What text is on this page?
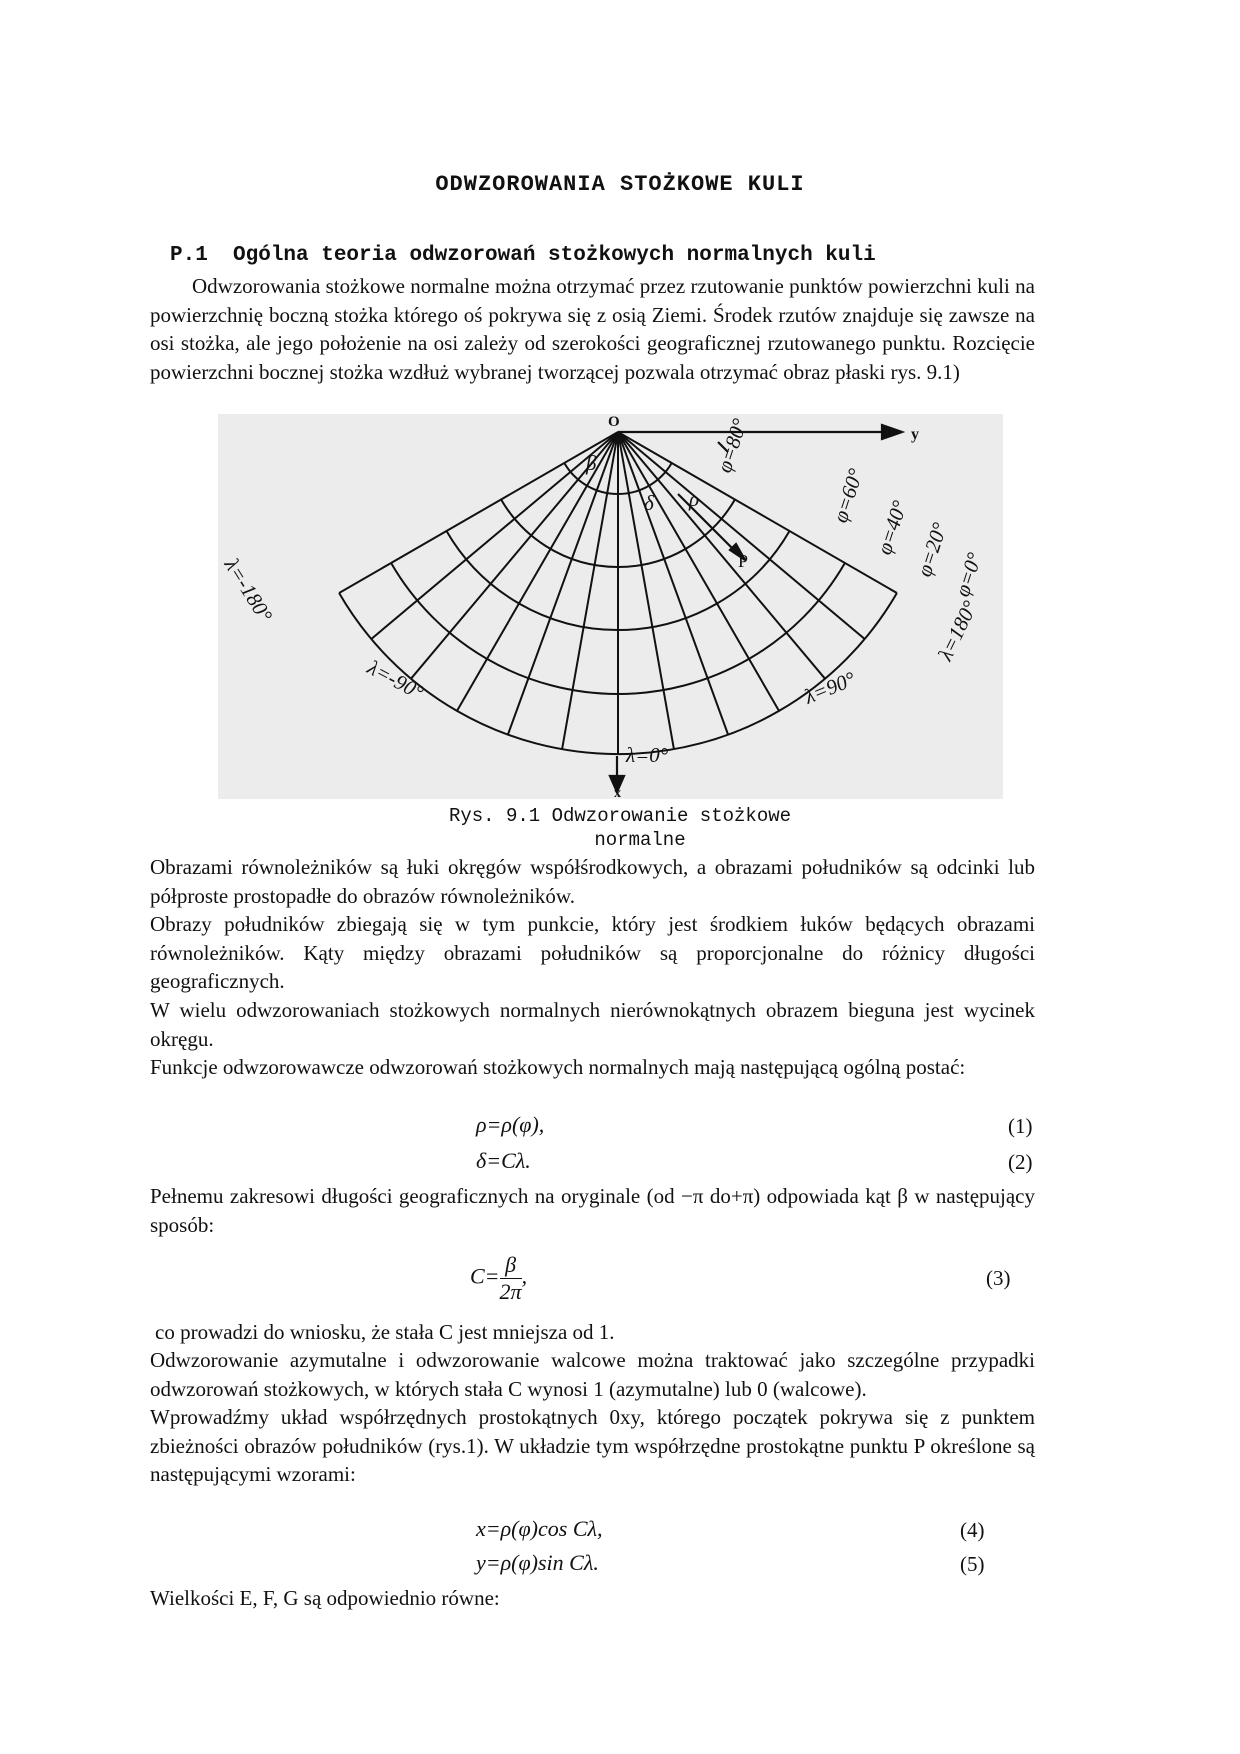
ODWZOROWANIA STOŻKOWE KULI
P.1  Ogólna teoria odwzorowań stożkowych normalnych kuli

Odwzorowania stożkowe normalne można otrzymać przez rzutowanie punktów powierzchni kuli na powierzchnię boczną stożka którego oś pokrywa się z osią Ziemi. Środek rzutów znajduje się zawsze na osi stożka, ale jego położenie na osi zależy od szerokości geograficznej rzutowanego punktu. Rozcięcie powierzchni bocznej stożka wzdłuż wybranej tworzącej pozwala otrzymać obraz płaski rys. 9.1)

O
y
x
β
δ ρ
P
φ=80°
φ=60°
φ=40° φ=20°
φ=0°
λ=-180°
λ=180°
λ=-90°	λ=90°
λ=0°
Rys. 9.1 Odwzorowanie stożkowe
normalne

Obrazami równoleżników są łuki okręgów współśrodkowych, a obrazami południków są odcinki lub półproste prostopadłe do obrazów równoleżników.

Obrazy południków zbiegają się w tym punkcie, który jest środkiem łuków będących obrazami równoleżników. Kąty między obrazami południków są proporcjonalne do różnicy długości geograficznych.

W wielu odwzorowaniach stożkowych normalnych nierównokątnych obrazem bieguna jest wycinek okręgu.

Funkcje odwzorowawcze odwzorowań stożkowych normalnych mają następującą ogólną postać:

ρ=ρ(φ),	(1)
δ=Cλ.	(2)

Pełnemu zakresowi długości geograficznych na oryginale (od −π do+π) odpowiada kąt β w następujący sposób:

$C= \frac{\beta}{2\pi}$ ,	(3)

co prowadzi do wniosku, że stała C jest mniejsza od 1.

Odwzorowanie azymutalne i odwzorowanie walcowe można traktować jako szczególne przypadki odwzorowań stożkowych, w których stała C wynosi 1 (azymutalne) lub 0 (walcowe).

Wprowadźmy układ współrzędnych prostokątnych 0xy, którego początek pokrywa się z punktem zbieżności obrazów południków (rys.1). W układzie tym współrzędne prostokątne punktu P określone są następującymi wzorami:

x=ρ(φ)cos Cλ,	(4)
y=ρ(φ)sin Cλ.	(5)

Wielkości E, F, G są odpowiednio równe:
